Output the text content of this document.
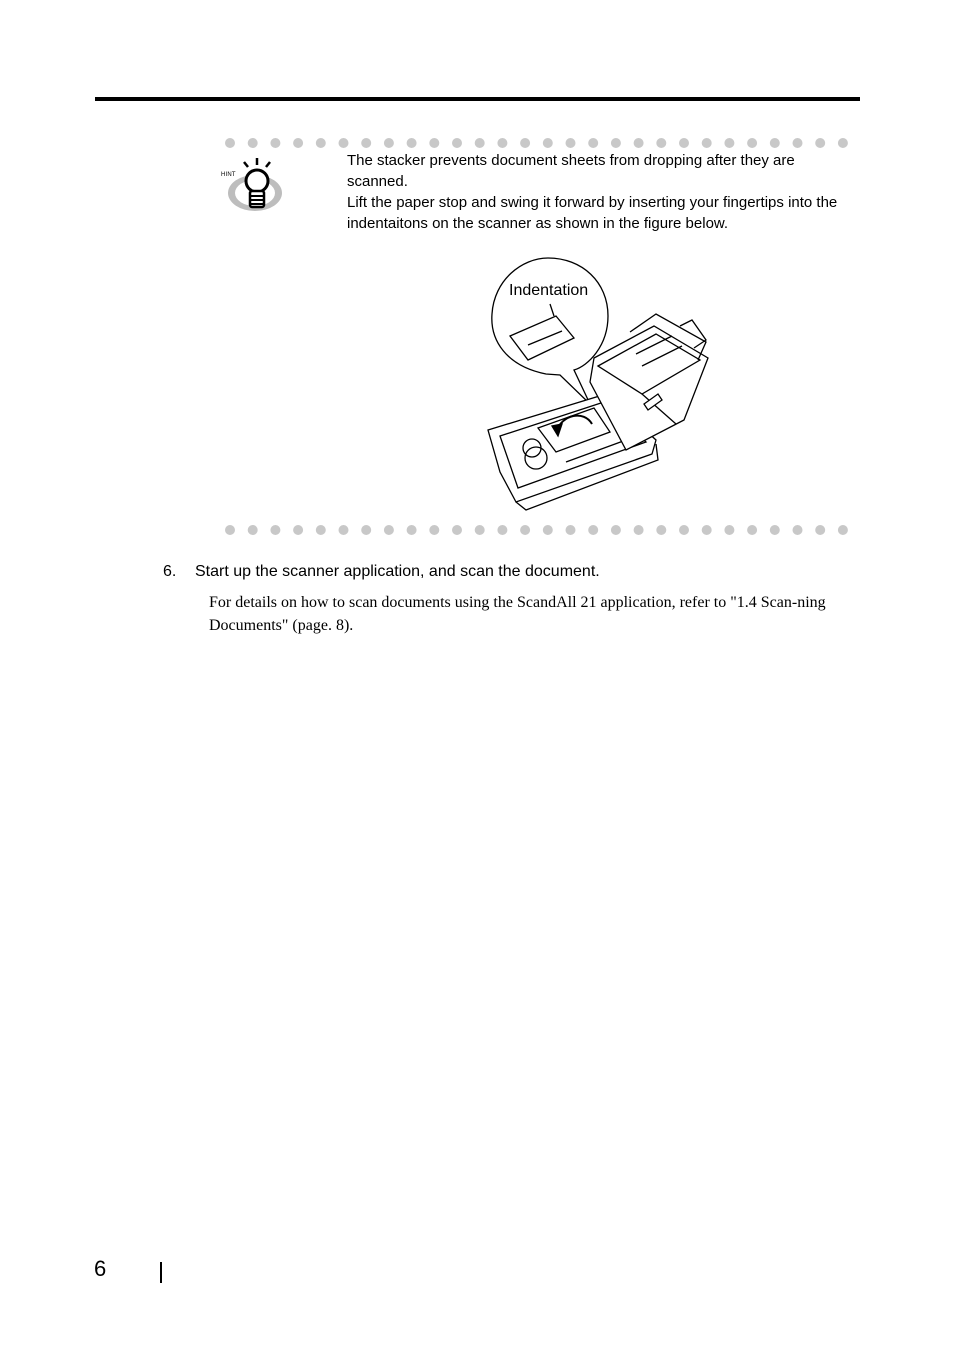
HINT

The stacker prevents document sheets from dropping after they are scanned.

Lift the paper stop and swing it forward by inserting your fingertips into the indentaitons on the scanner as shown in the figure below.

Indentation
6. Start up the scanner application, and scan the document.
For details on how to scan documents using the ScandAll 21 application, refer to "1.4 Scan-ning Documents" (page. 8).
6
